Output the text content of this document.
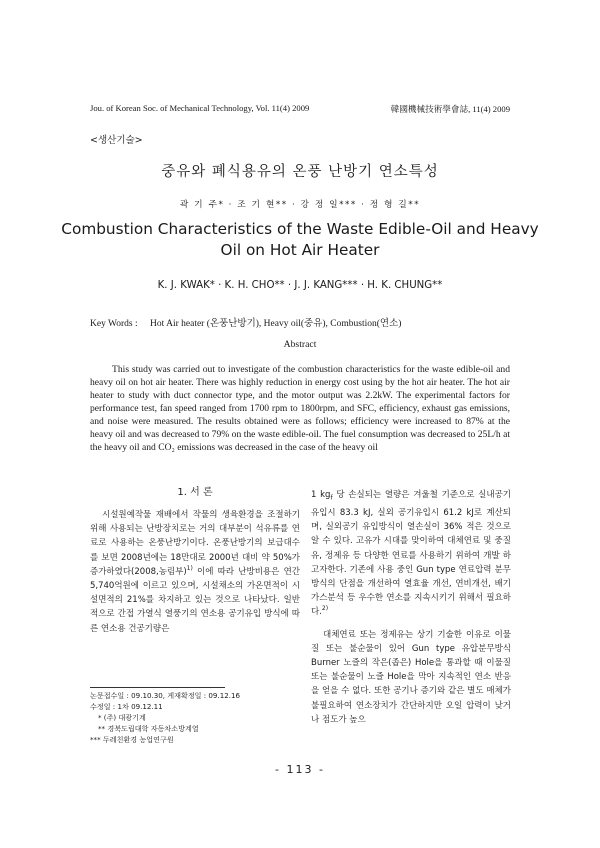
Jou. of Korean Soc. of Mechanical Technology, Vol. 11(4) 2009	韓國機械技術學會誌, 11(4) 2009
<생산기술>
중유와 폐식용유의 온풍 난방기 연소특성
곽 기 주* · 조 기 현** · 강 정 일*** · 정 형 길**
Combustion Characteristics of the Waste Edible-Oil and Heavy Oil on Hot Air Heater
K. J. KWAK* · K. H. CHO** · J. J. KANG*** · H. K. CHUNG**
Key Words : Hot Air heater (온풍난방기), Heavy oil(중유), Combustion(연소)
Abstract
This study was carried out to investigate of the combustion characteristics for the waste edible-oil and heavy oil on hot air heater. There was highly reduction in energy cost using by the hot air heater. The hot air heater to study with duct connector type, and the motor output was 2.2kW. The experimental factors for performance test, fan speed ranged from 1700 rpm to 1800rpm, and SFC, efficiency, exhaust gas emissions, and noise were measured. The results obtained were as follows; efficiency were increased to 87% at the heavy oil and was decreased to 79% on the waste edible-oil. The fuel consumption was decreased to 25L/h at the heavy oil and CO₂ emissions was decreased in the case of the heavy oil
1. 서 론

시설원예작물 재배에서 작물의 생육환경을 조절하기 위해 사용되는 난방장치로는 거의 대부분이 석유류를 연료로 사용하는 온풍난방기이다. 온풍난방기의 보급대수를 보면 2008년에는 18만대로 2000년 대비 약 50%가 증가하였다(2008,농림부)$^{1)}$ 이에 따라 난방비용은 연간 5,740억원에 이르고 있으며, 시설채소의 가온면적이 시설면적의 21%를 차지하고 있는 것으로 나타났다. 일반적으로 간접 가열식 열풍기의 연소용 공기유입 방식에 따른 연소용 건공기량은

1 $kg_f$ 당 손실되는 열량은 겨울철 기준으로 실내공기 유입시 83.3 kJ, 실외 공기유입시 61.2 kJ로 계산되며, 실외공기 유입방식이 열손실이 36% 적은 것으로 알 수 있다. 고유가 시대를 맞이하여 대체연료 및 중질유, 정제유 등 다양한 연료를 사용하기 위하여 개발 하고자한다. 기존에 사용 중인 Gun type 연료압력 분무방식의 단점을 개선하여 열효율 개선, 연비개선, 배기가스분석 등 우수한 연소를 지속시키기 위해서 필요하다.$^{2)}$

대체연료 또는 정제유는 상기 기술한 이유로 이물질 또는 불순물이 있어 Gun type 유압분무방식 Burner 노즐의 작은(좁은) Hole을 통과할 때 이물질 또는 불순물이 노즐 Hole을 막아 지속적인 연소 반응을 얻을 수 없다. 또한 공기나 증기와 같은 별도 매체가 불필요하여 연소장치가 간단하지만 오일 압력이 낮거나 점도가 높으

논문접수일 : 09.10.30, 게재확정일 : 09.12.16
수정일 : 1차 09.12.11
* (주) 대광기계
** 경북도립대학 자동차소방계열
*** 두레친환경 농업연구원
- 113 -
